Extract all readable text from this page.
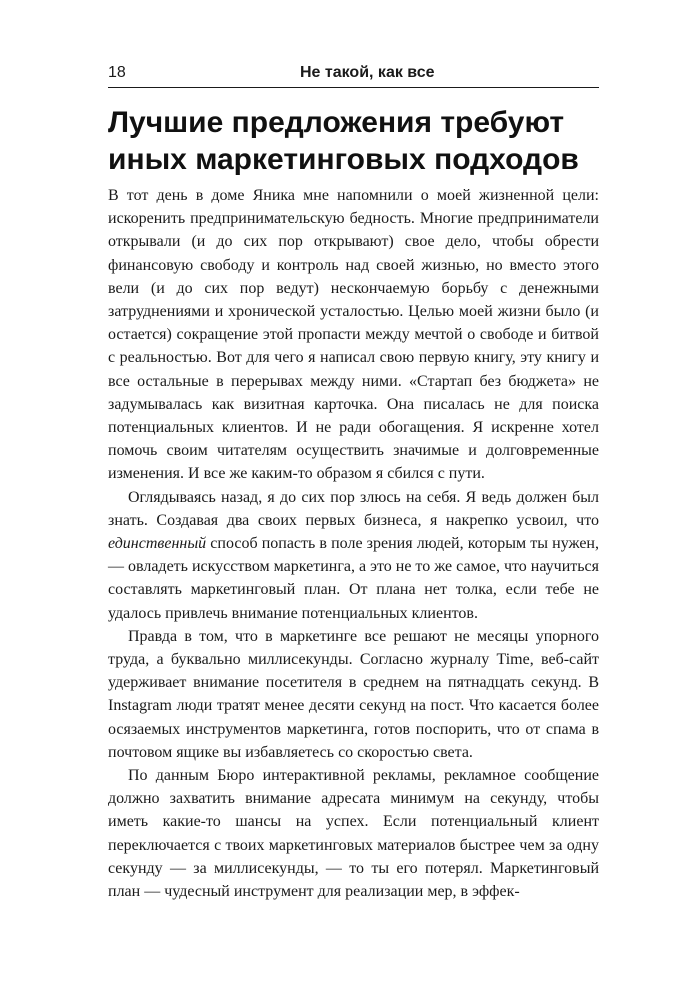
18	Не такой, как все
Лучшие предложения требуют иных маркетинговых подходов

В тот день в доме Яника мне напомнили о моей жизненной цели: искоренить предпринимательскую бедность. Многие предприниматели открывали (и до сих пор открывают) свое дело, чтобы обрести финансовую свободу и контроль над своей жизнью, но вместо этого вели (и до сих пор ведут) нескончаемую борьбу с денежными затруднениями и хронической усталостью. Целью моей жизни было (и остается) сокращение этой пропасти между мечтой о свободе и битвой с реальностью. Вот для чего я написал свою первую книгу, эту книгу и все остальные в перерывах между ними. «Стартап без бюджета» не задумывалась как визитная карточка. Она писалась не для поиска потенциальных клиентов. И не ради обогащения. Я искренне хотел помочь своим читателям осуществить значимые и долговременные изменения. И все же каким-то образом я сбился с пути.

Оглядываясь назад, я до сих пор злюсь на себя. Я ведь должен был знать. Создавая два своих первых бизнеса, я накрепко усвоил, что единственный способ попасть в поле зрения людей, которым ты нужен, — овладеть искусством маркетинга, а это не то же самое, что научиться составлять маркетинговый план. От плана нет толка, если тебе не удалось привлечь внимание потенциальных клиентов.

Правда в том, что в маркетинге все решают не месяцы упорного труда, а буквально миллисекунды. Согласно журналу Time, веб-сайт удерживает внимание посетителя в среднем на пятнадцать секунд. В Instagram люди тратят менее десяти секунд на пост. Что касается более осязаемых инструментов маркетинга, готов поспорить, что от спама в почтовом ящике вы избавляетесь со скоростью света.

По данным Бюро интерактивной рекламы, рекламное сообщение должно захватить внимание адресата минимум на секунду, чтобы иметь какие-то шансы на успех. Если потенциальный клиент переключается с твоих маркетинговых материалов быстрее чем за одну секунду — за миллисекунды, — то ты его потерял. Маркетинговый план — чудесный инструмент для реализации мер, в эффек-
